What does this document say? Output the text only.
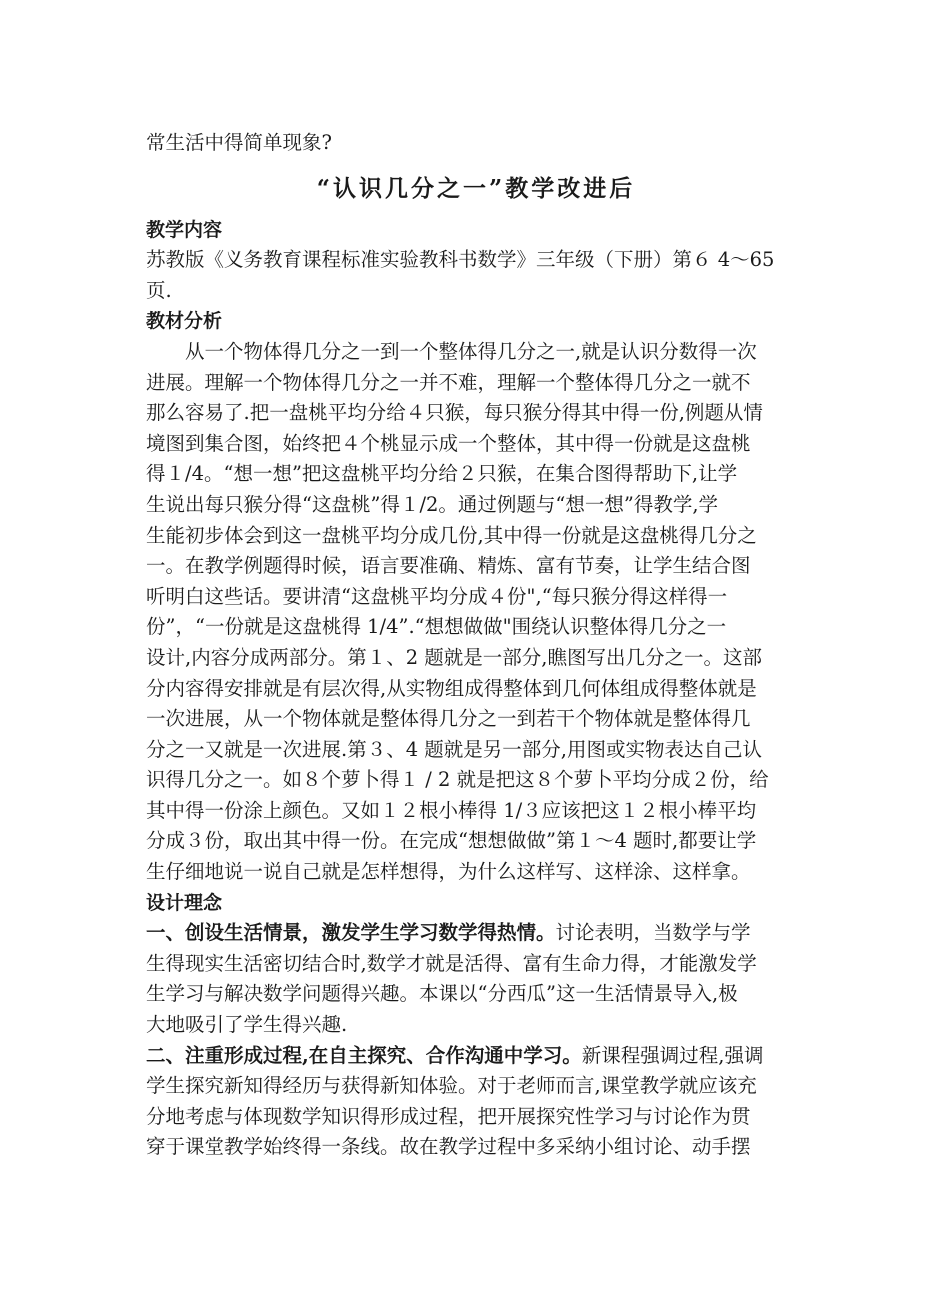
常生活中得简单现象?
“认识几分之一”教学改进后
教学内容
苏教版《义务教育课程标准实验教科书数学》三年级（下册）第６ 4～65
页.
教材分析
从一个物体得几分之一到一个整体得几分之一,就是认识分数得一次
进展。理解一个物体得几分之一并不难，理解一个整体得几分之一就不
那么容易了.把一盘桃平均分给４只猴，每只猴分得其中得一份,例题从情
境图到集合图，始终把４个桃显示成一个整体，其中得一份就是这盘桃
得１/4。“想一想”把这盘桃平均分给２只猴，在集合图得帮助下,让学
生说出每只猴分得“这盘桃”得１/2。通过例题与“想一想”得教学,学
生能初步体会到这一盘桃平均分成几份,其中得一份就是这盘桃得几分之
一。在教学例题得时候，语言要准确、精炼、富有节奏，让学生结合图
听明白这些话。要讲清“这盘桃平均分成４份",“每只猴分得这样得一
份”，“一份就是这盘桃得 1/4”.“想想做做"围绕认识整体得几分之一
设计,内容分成两部分。第１、2 题就是一部分,瞧图写出几分之一。这部
分内容得安排就是有层次得,从实物组成得整体到几何体组成得整体就是
一次进展，从一个物体就是整体得几分之一到若干个物体就是整体得几
分之一又就是一次进展.第３、4 题就是另一部分,用图或实物表达自己认
识得几分之一。如８个萝卜得１ / 2 就是把这８个萝卜平均分成２份，给
其中得一份涂上颜色。又如１２根小棒得 1/３应该把这１２根小棒平均
分成３份，取出其中得一份。在完成“想想做做”第１～4 题时,都要让学
生仔细地说一说自己就是怎样想得，为什么这样写、这样涂、这样拿。
设计理念
一、创设生活情景，激发学生学习数学得热情。讨论表明，当数学与学
生得现实生活密切结合时,数学才就是活得、富有生命力得，才能激发学
生学习与解决数学问题得兴趣。本课以“分西瓜”这一生活情景导入,极
大地吸引了学生得兴趣.
二、注重形成过程,在自主探究、合作沟通中学习。新课程强调过程,强调
学生探究新知得经历与获得新知体验。对于老师而言,课堂教学就应该充
分地考虑与体现数学知识得形成过程，把开展探究性学习与讨论作为贯
穿于课堂教学始终得一条线。故在教学过程中多采纳小组讨论、动手摆
